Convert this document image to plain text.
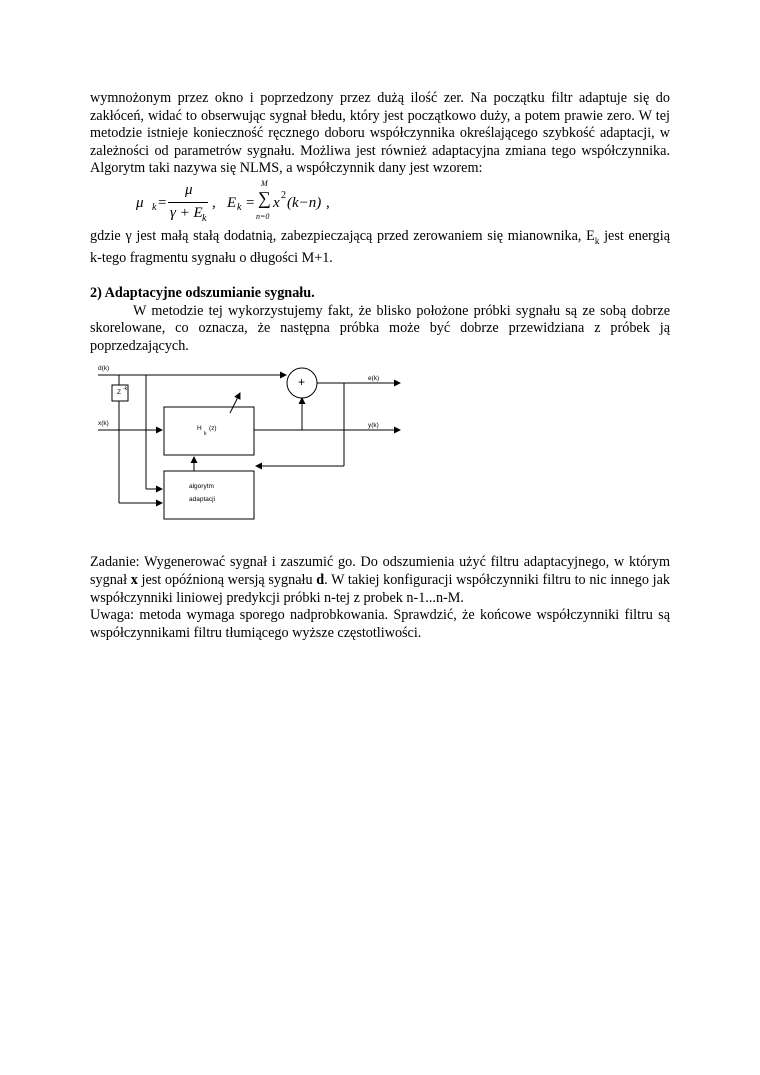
wymnożonym przez okno i poprzedzony przez dużą ilość zer. Na początku filtr adaptuje się do zakłóceń, widać to obserwując sygnał błedu, który jest początkowo duży, a potem prawie zero. W tej metodzie istnieje konieczność ręcznego doboru współczynnika określającego szybkość adaptacji, w zależności od parametrów sygnału. Możliwa jest również adaptacyjna zmiana tego współczynnika. Algorytm taki nazywa się NLMS, a współczynnik dany jest wzorem:

μ k =
μ
γ + E k
, E k =
M
∑
n=0
x 2 (k−n) ,

gdzie γ jest małą stałą dodatnią, zabezpieczającą przed zerowaniem się mianownika, $E_k$ jest energią k-tego fragmentu sygnału o długości M+1.

2) Adaptacyjne odszumianie sygnału.

W metodzie tej wykorzystujemy fakt, że blisko położone próbki sygnału są ze sobą dobrze skorelowane, co oznacza, że następna próbka może być dobrze przewidziana z próbek ją poprzedzających.

d(k)
x(k)
Z -k
H
k
(z)
+	e(k)
y(k)
algorytm
adaptacji

Zadanie: Wygenerować sygnał i zaszumić go. Do odszumienia użyć filtru adaptacyjnego, w którym sygnał x jest opóźnioną wersją sygnału d. W takiej konfiguracji współczynniki filtru to nic innego jak współczynniki liniowej predykcji próbki n-tej z probek n-1...n-M.

Uwaga: metoda wymaga sporego nadprobkowania. Sprawdzić, że końcowe współczynniki filtru są współczynnikami filtru tłumiącego wyższe częstotliwości.
